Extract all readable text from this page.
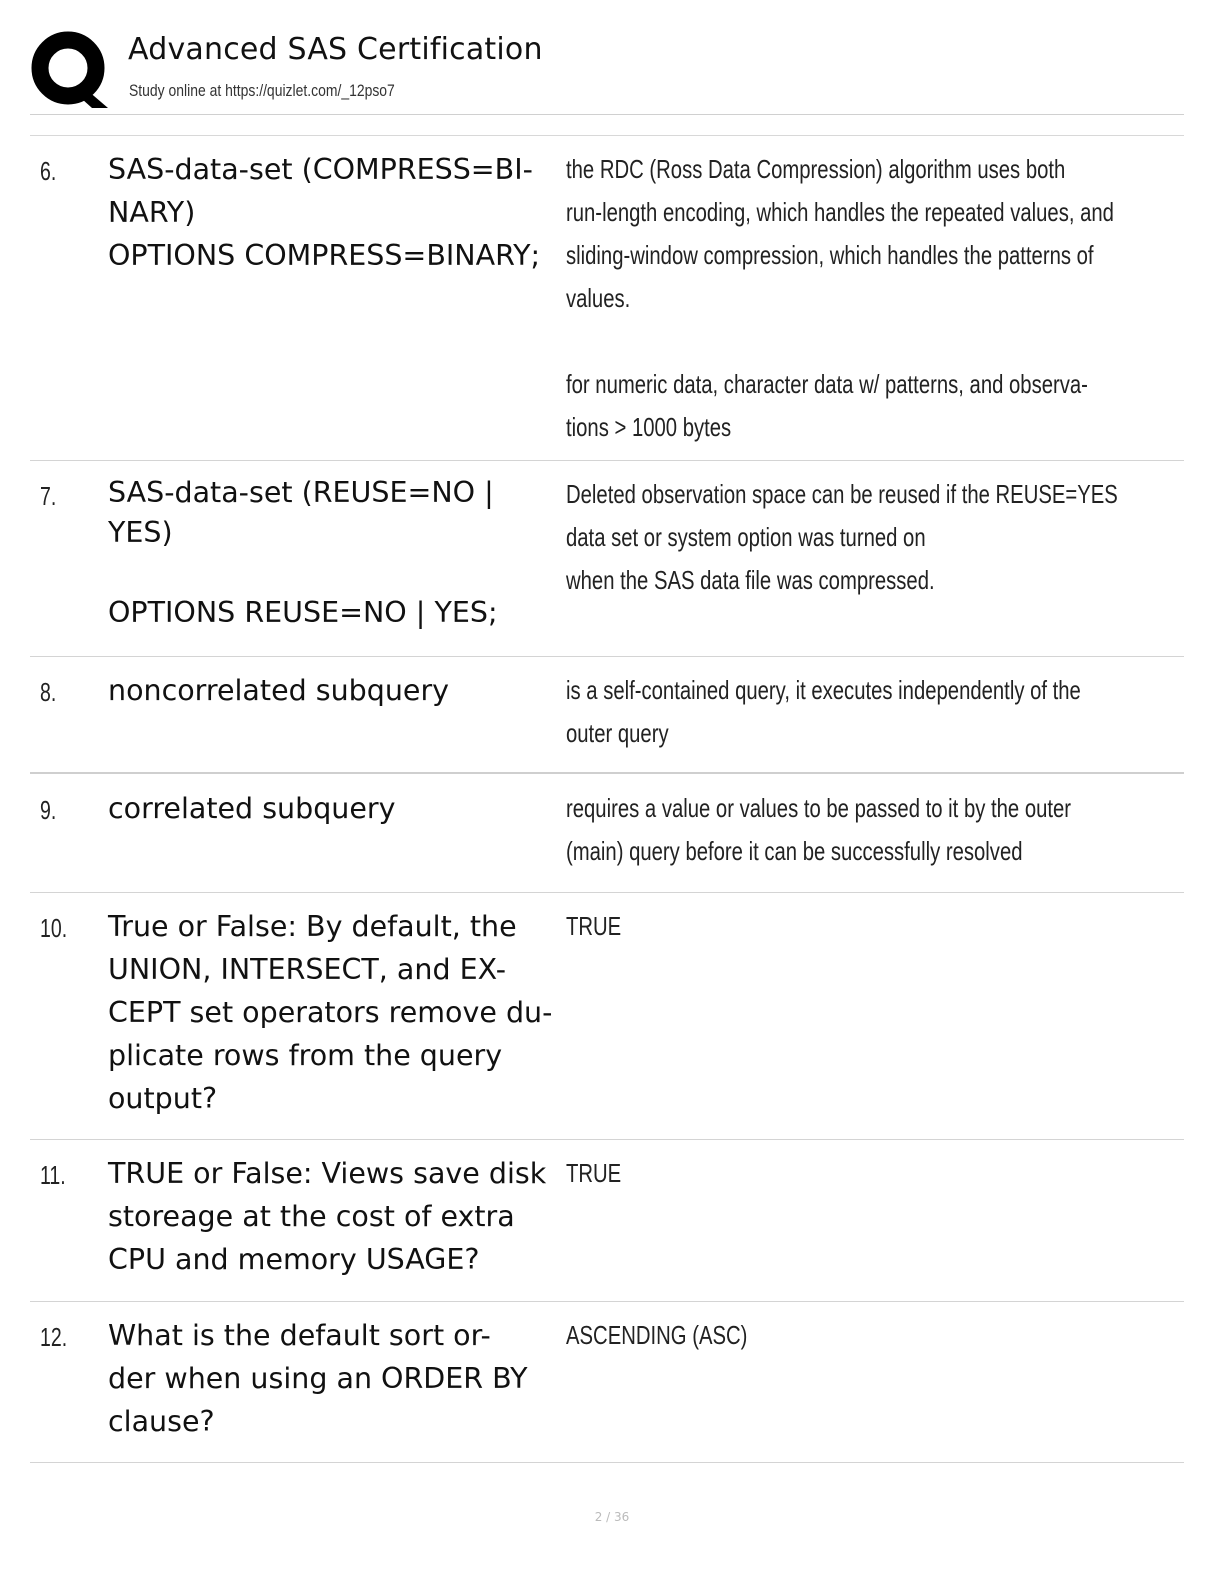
Advanced SAS Certification
Study online at https://quizlet.com/_12pso7
6. SAS-data-set (COMPRESS=BI-
NARY)
OPTIONS COMPRESS=BINARY;
the RDC (Ross Data Compression) algorithm uses both
run-length encoding, which handles the repeated values, and
sliding-window compression, which handles the patterns of
values.

for numeric data, character data w/ patterns, and observa-
tions > 1000 bytes
7. SAS-data-set (REUSE=NO |
YES)

OPTIONS REUSE=NO | YES;
Deleted observation space can be reused if the REUSE=YES
data set or system option was turned on
when the SAS data file was compressed.
8. noncorrelated subquery	is a self-contained query, it executes independently of the
outer query
9. correlated subquery	requires a value or values to be passed to it by the outer
(main) query before it can be successfully resolved
10. True or False: By default, the
UNION, INTERSECT, and EX-
CEPT set operators remove du-
plicate rows from the query
output?
TRUE
11. TRUE or False: Views save disk
storeage at the cost of extra
CPU and memory USAGE?
TRUE
12. What is the default sort or-
der when using an ORDER BY
clause?
ASCENDING (ASC)
2 / 36
